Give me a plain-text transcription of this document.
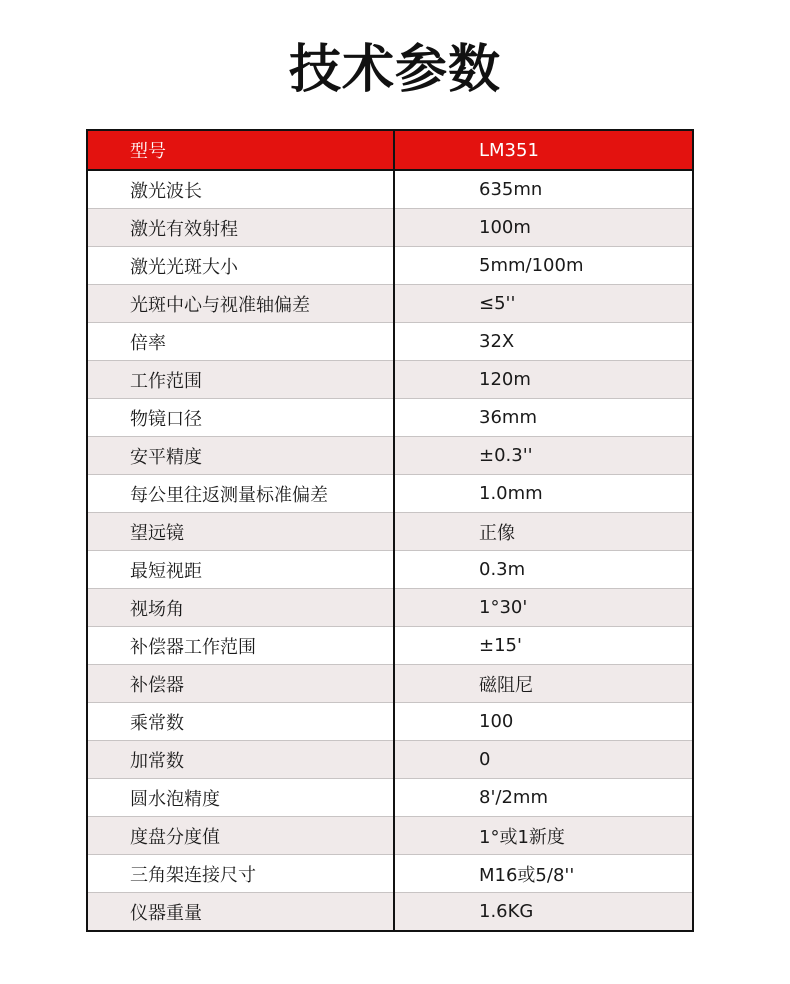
技术参数
型号	LM351
激光波长	635mn
激光有效射程	100m
激光光斑大小	5mm/100m
光斑中心与视准轴偏差	≤5''
倍率	32X
工作范围	120m
物镜口径	36mm
安平精度	±0.3''
每公里往返测量标准偏差	1.0mm
望远镜	正像
最短视距	0.3m
视场角	1°30'
补偿器工作范围	±15'
补偿器	磁阻尼
乘常数	100
加常数	0
圆水泡精度	8'/2mm
度盘分度值	1°或1新度
三角架连接尺寸	M16或5/8''
仪器重量	1.6KG
